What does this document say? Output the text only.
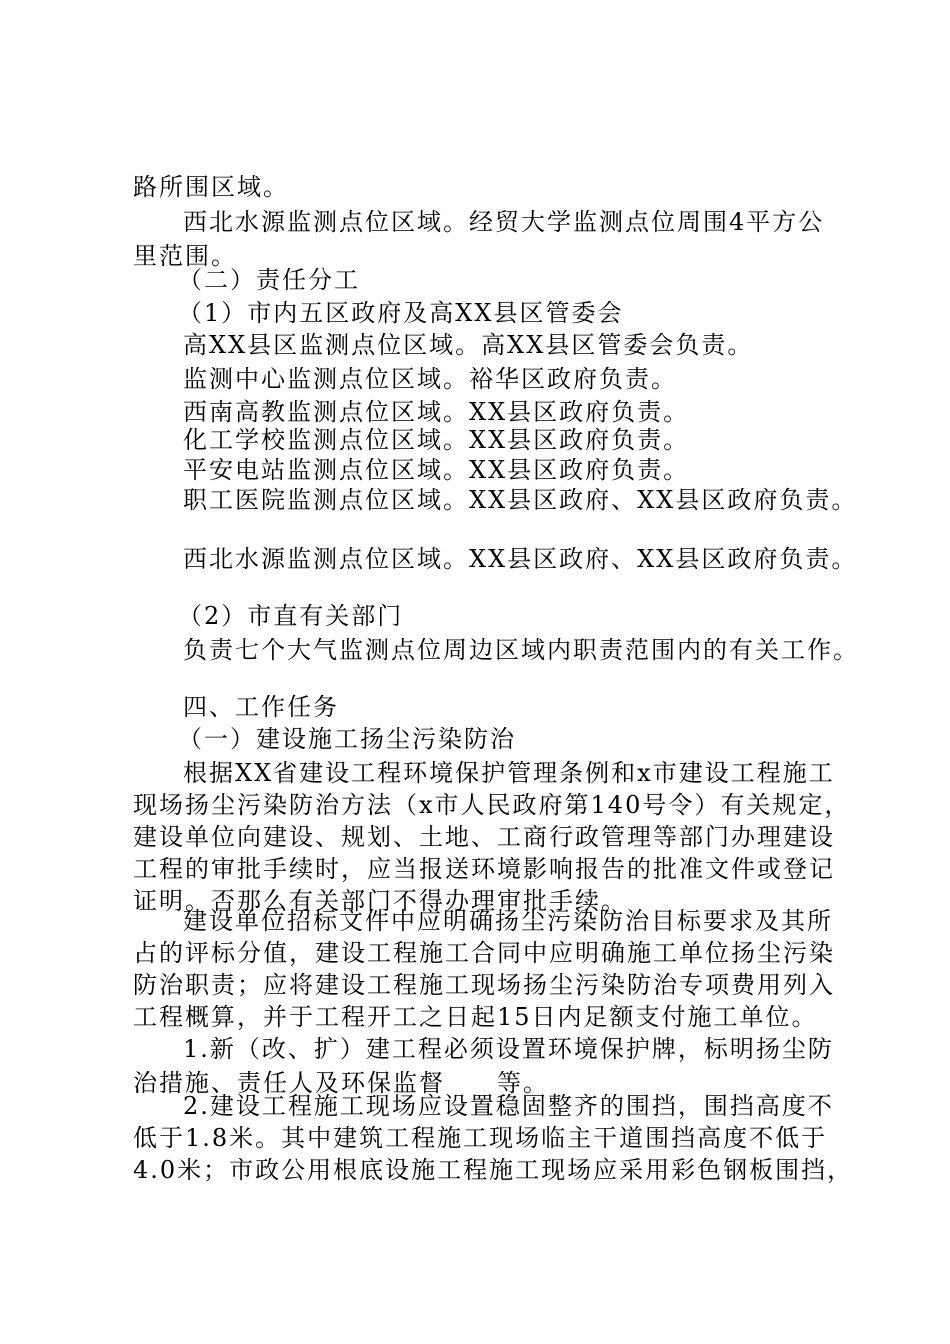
路所围区域。
西北水源监测点位区域。经贸大学监测点位周围4平方公
里范围。
（二）责任分工
（1）市内五区政府及高XX县区管委会
高XX县区监测点位区域。高XX县区管委会负责。
监测中心监测点位区域。裕华区政府负责。
西南高教监测点位区域。XX县区政府负责。
化工学校监测点位区域。XX县区政府负责。
平安电站监测点位区域。XX县区政府负责。
职工医院监测点位区域。XX县区政府、XX县区政府负责。
西北水源监测点位区域。XX县区政府、XX县区政府负责。
（2）市直有关部门
负责七个大气监测点位周边区域内职责范围内的有关工作。
四、工作任务
（一）建设施工扬尘污染防治
根据XX省建设工程环境保护管理条例和x市建设工程施工
现场扬尘污染防治方法（x市人民政府第140号令）有关规定，
建设单位向建设、规划、土地、工商行政管理等部门办理建设
工程的审批手续时，应当报送环境影响报告的批准文件或登记
证明。否那么有关部门不得办理审批手续。
建设单位招标文件中应明确扬尘污染防治目标要求及其所
占的评标分值，建设工程施工合同中应明确施工单位扬尘污染
防治职责；应将建设工程施工现场扬尘污染防治专项费用列入
工程概算，并于工程开工之日起15日内足额支付施工单位。
1.新（改、扩）建工程必须设置环境保护牌，标明扬尘防
治措施、责任人及环保监督　　等。
2.建设工程施工现场应设置稳固整齐的围挡，围挡高度不
低于1.8米。其中建筑工程施工现场临主干道围挡高度不低于
4.0米；市政公用根底设施工程施工现场应采用彩色钢板围挡，
